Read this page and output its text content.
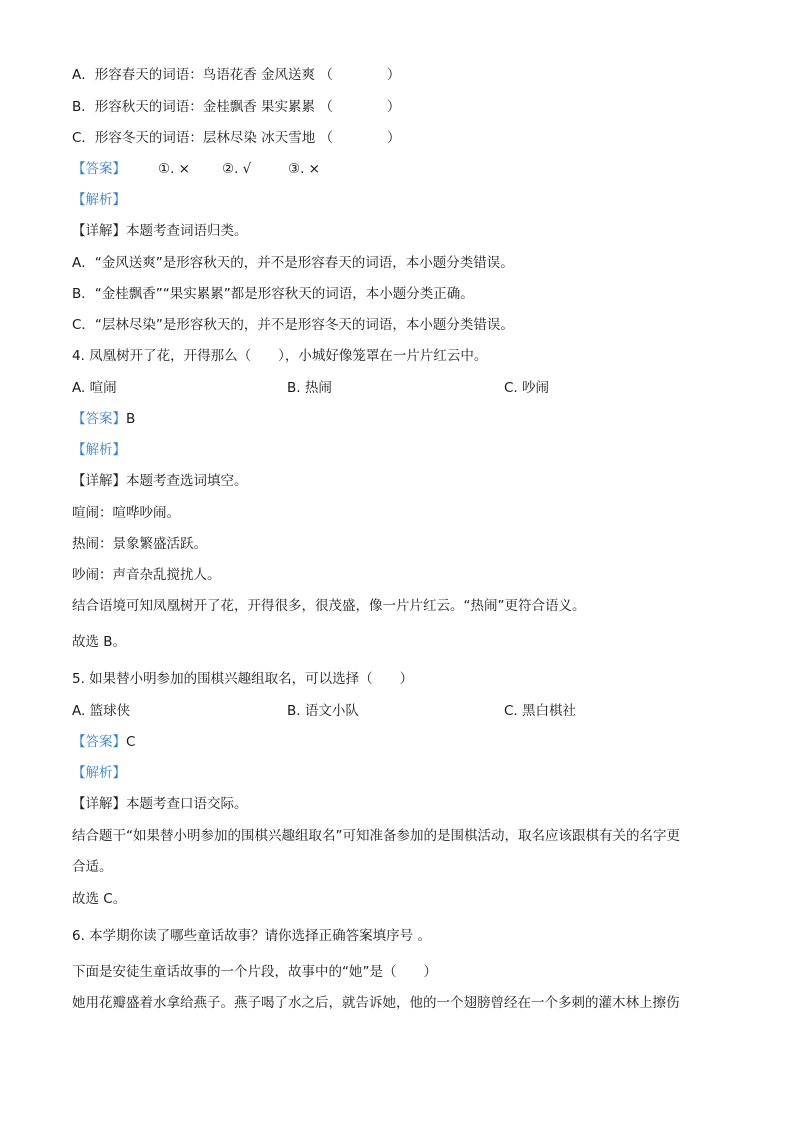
A．形容春天的词语：鸟语花香 金风送爽 （　　　　）
B．形容秋天的词语：金桂飘香 果实累累 （　　　　）
C．形容冬天的词语：层林尽染 冰天雪地 （　　　　）
【答案】 ①. × ②. √	③. ×
【解析】
【详解】本题考查词语归类。
A．“金风送爽”是形容秋天的，并不是形容春天的词语，本小题分类错误。
B．“金桂飘香”“果实累累”都是形容秋天的词语，本小题分类正确。
C．“层林尽染”是形容秋天的，并不是形容冬天的词语，本小题分类错误。
4. 凤凰树开了花，开得那么（　　），小城好像笼罩在一片片红云中。
A. 喧闹	B. 热闹	C. 吵闹
【答案】B
【解析】
【详解】本题考查选词填空。
喧闹：喧哗吵闹。
热闹：景象繁盛活跃。
吵闹：声音杂乱搅扰人。
结合语境可知凤凰树开了花，开得很多，很茂盛，像一片片红云。“热闹”更符合语义。
故选 B。
5. 如果替小明参加的围棋兴趣组取名，可以选择（　　）
A. 篮球侠	B. 语文小队	C. 黑白棋社
【答案】C
【解析】
【详解】本题考查口语交际。
结合题干“如果替小明参加的围棋兴趣组取名”可知准备参加的是围棋活动，取名应该跟棋有关的名字更
合适。
故选 C。
6. 本学期你读了哪些童话故事？请你选择正确答案填序号 。
下面是安徒生童话故事的一个片段，故事中的“她”是（　　）
她用花瓣盛着水拿给燕子。燕子喝了水之后，就告诉她，他的一个翅膀曾经在一个多刺的灌木林上擦伤
